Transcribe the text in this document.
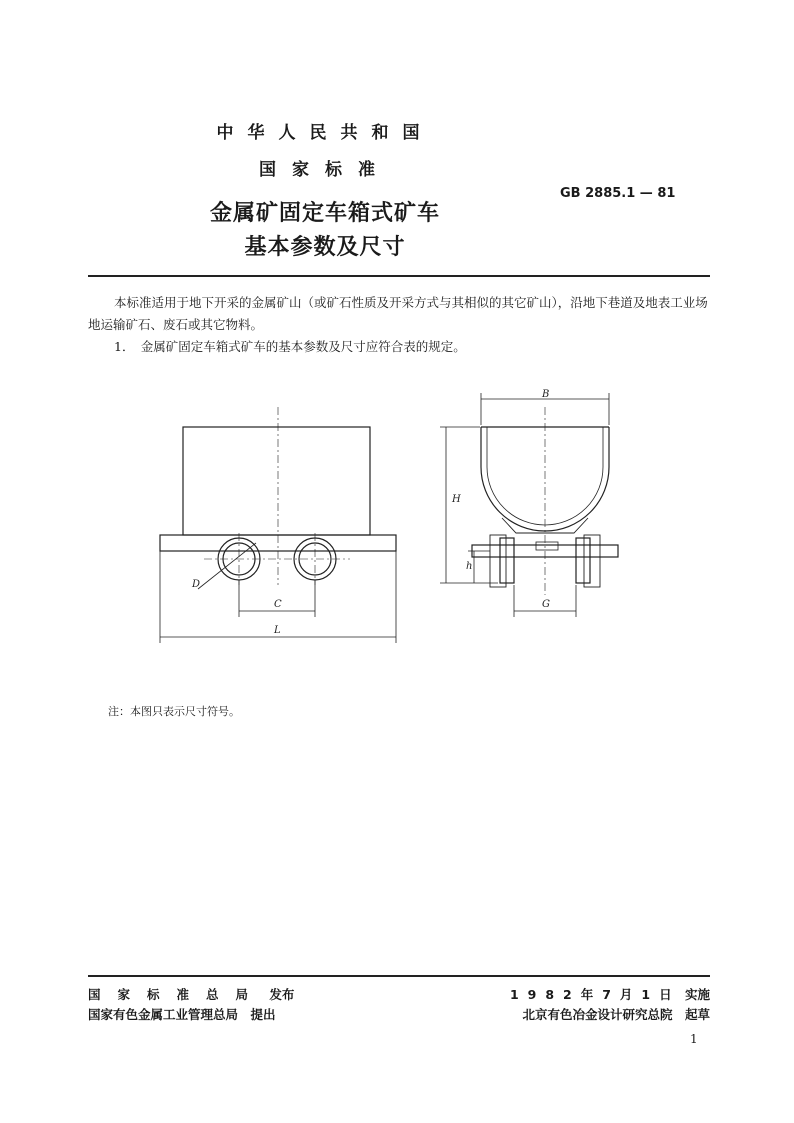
中华人民共和国
国家标准
GB 2885.1 — 81
金属矿固定车箱式矿车
基本参数及尺寸
本标准适用于地下开采的金属矿山（或矿石性质及开采方式与其相似的其它矿山），沿地下巷道及地表工业场地运输矿石、废石或其它物料。
1．　金属矿固定车箱式矿车的基本参数及尺寸应符合表的规定。
B
H
h
G
C
L
D
注：本图只表示尺寸符号。
国家标准总局 发布
国家有色金属工业管理总局　提出
1982年7月1日 实施
北京有色冶金设计研究总院　起草
1
